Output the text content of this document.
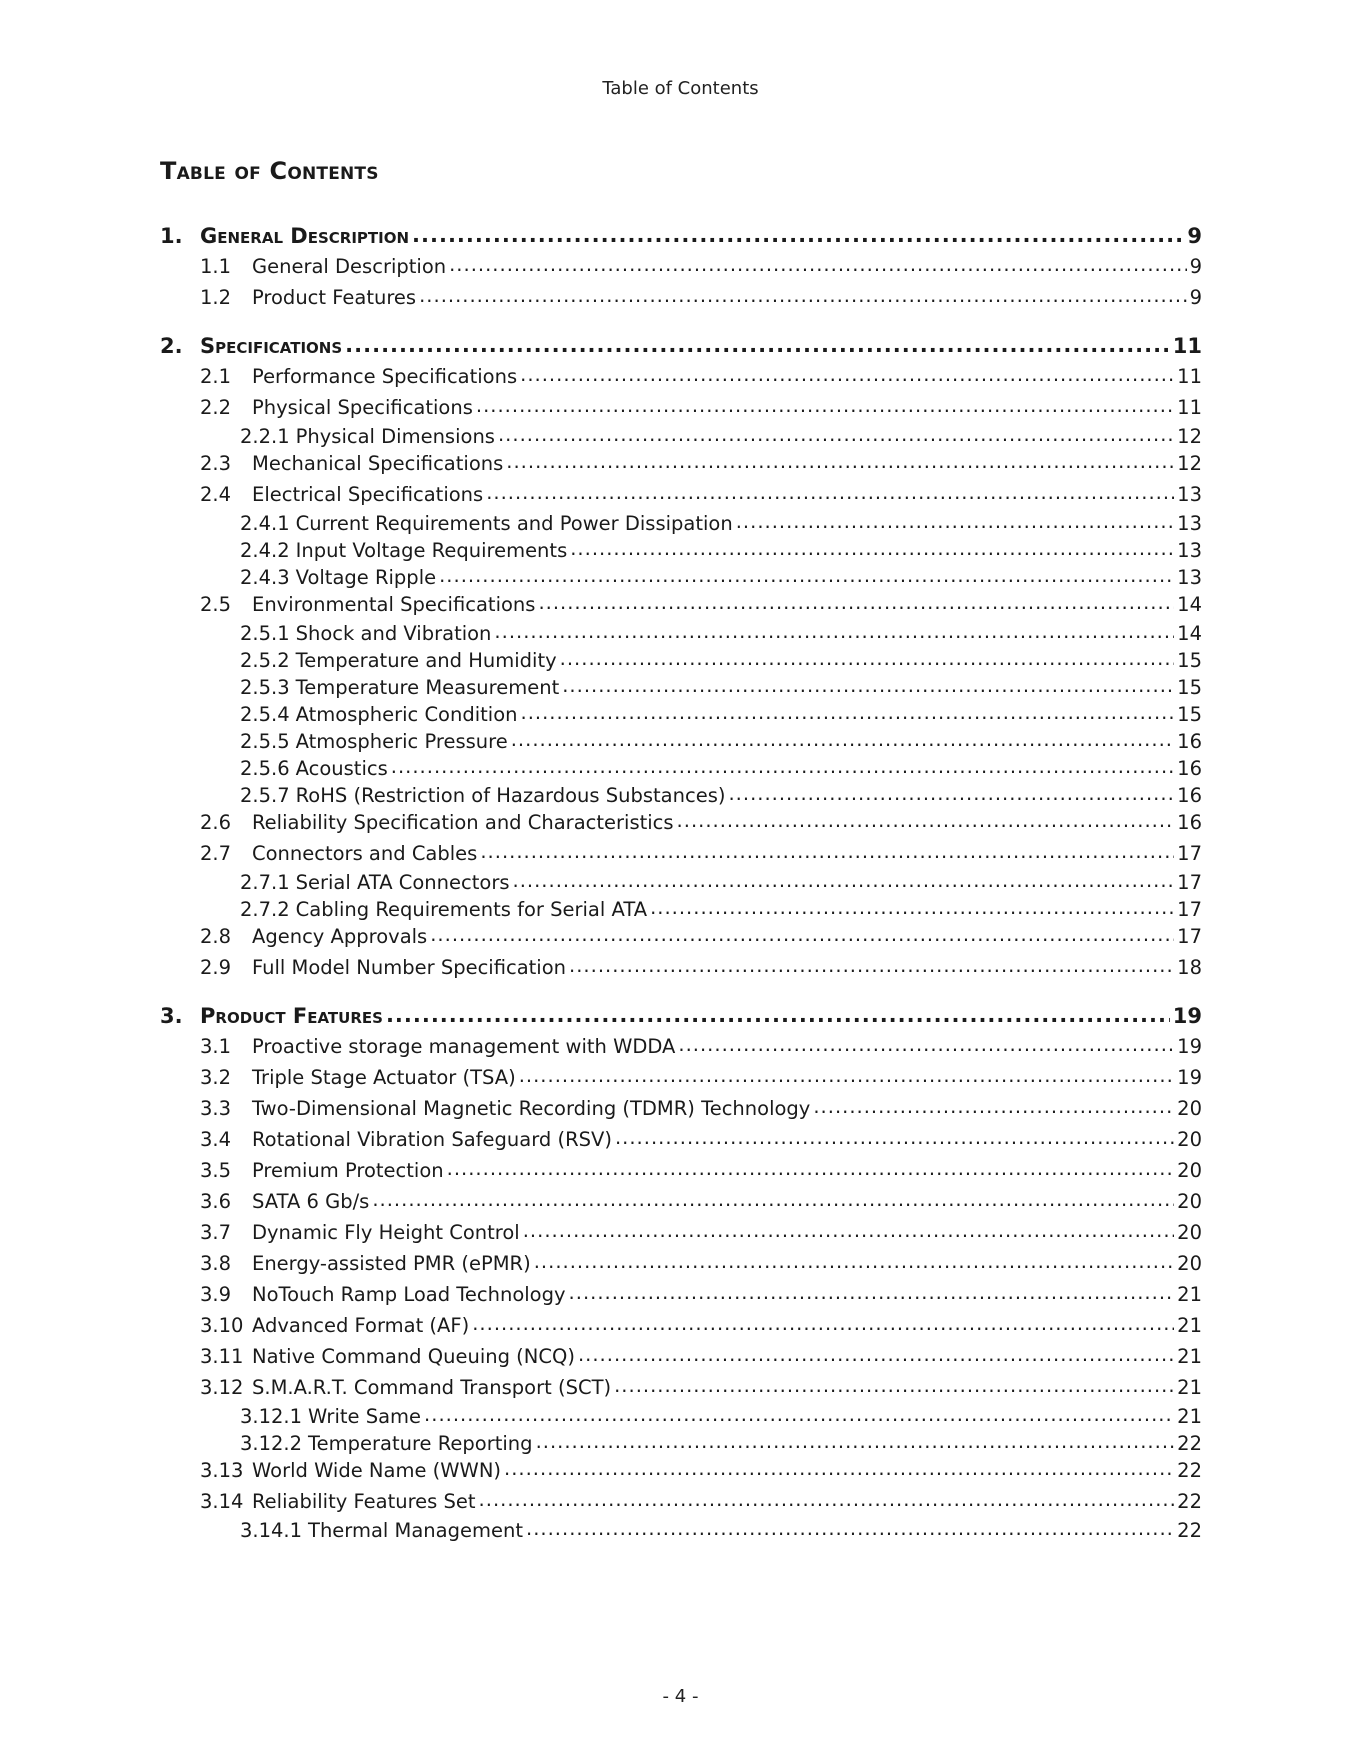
Table of Contents
Table of Contents
1. General Description .....	9
1.1	General Description .....	9
1.2	Product Features .....	9
2. Specifications .....	11
2.1	Performance Specifications .....	11
2.2	Physical Specifications .....	11
2.2.1 Physical Dimensions .....	12
2.3	Mechanical Specifications .....	12
2.4	Electrical Specifications .....	13
2.4.1 Current Requirements and Power Dissipation .....	13
2.4.2 Input Voltage Requirements .....	13
2.4.3 Voltage Ripple .....	13
2.5	Environmental Specifications .....	14
2.5.1 Shock and Vibration .....	14
2.5.2 Temperature and Humidity .....	15
2.5.3 Temperature Measurement .....	15
2.5.4 Atmospheric Condition .....	15
2.5.5 Atmospheric Pressure .....	16
2.5.6 Acoustics .....	16
2.5.7 RoHS (Restriction of Hazardous Substances) .....	16
2.6	Reliability Specification and Characteristics .....	16
2.7	Connectors and Cables .....	17
2.7.1 Serial ATA Connectors .....	17
2.7.2 Cabling Requirements for Serial ATA .....	17
2.8	Agency Approvals .....	17
2.9	Full Model Number Specification .....	18
3. Product Features .....	19
3.1	Proactive storage management with WDDA .....	19
3.2	Triple Stage Actuator (TSA) .....	19
3.3	Two-Dimensional Magnetic Recording (TDMR) Technology .....	20
3.4	Rotational Vibration Safeguard (RSV) .....	20
3.5	Premium Protection .....	20
3.6	SATA 6 Gb/s .....	20
3.7	Dynamic Fly Height Control .....	20
3.8	Energy-assisted PMR (ePMR) .....	20
3.9	NoTouch Ramp Load Technology .....	21
3.10 Advanced Format (AF) .....	21
3.11 Native Command Queuing (NCQ) .....	21
3.12 S.M.A.R.T. Command Transport (SCT) .....	21
3.12.1 Write Same .....	21
3.12.2 Temperature Reporting .....	22
3.13 World Wide Name (WWN) .....	22
3.14 Reliability Features Set .....	22
3.14.1 Thermal Management .....	22
- 4 -
